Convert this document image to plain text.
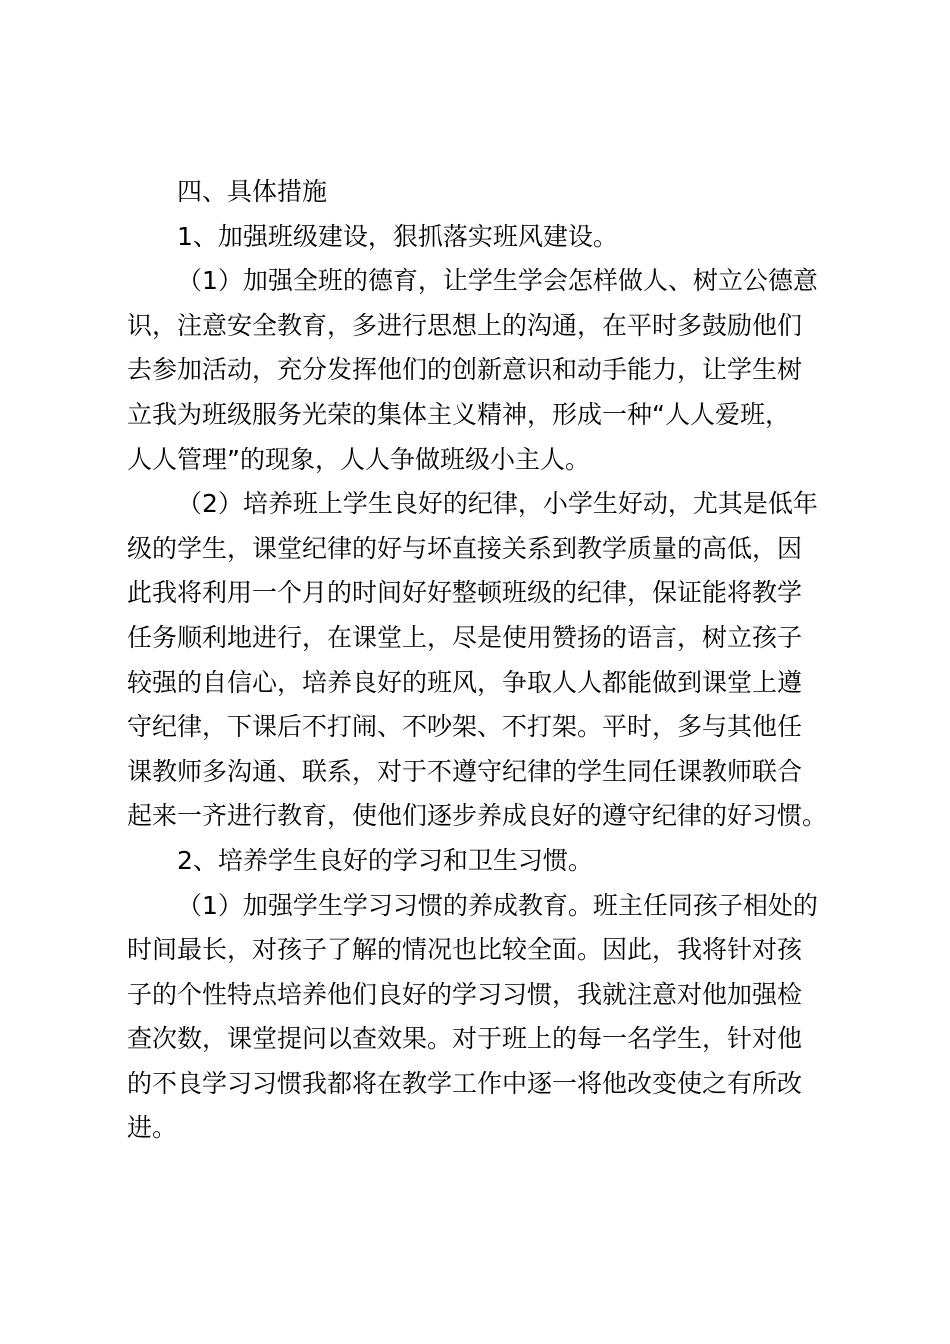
四、具体措施
1、加强班级建设，狠抓落实班风建设。
（1）加强全班的德育，让学生学会怎样做人、树立公德意
识，注意安全教育，多进行思想上的沟通，在平时多鼓励他们
去参加活动，充分发挥他们的创新意识和动手能力，让学生树
立我为班级服务光荣的集体主义精神，形成一种“人人爱班，
人人管理”的现象，人人争做班级小主人。
（2）培养班上学生良好的纪律，小学生好动，尤其是低年
级的学生，课堂纪律的好与坏直接关系到教学质量的高低，因
此我将利用一个月的时间好好整顿班级的纪律，保证能将教学
任务顺利地进行，在课堂上，尽是使用赞扬的语言，树立孩子
较强的自信心，培养良好的班风，争取人人都能做到课堂上遵
守纪律，下课后不打闹、不吵架、不打架。平时，多与其他任
课教师多沟通、联系，对于不遵守纪律的学生同任课教师联合
起来一齐进行教育，使他们逐步养成良好的遵守纪律的好习惯。
2、培养学生良好的学习和卫生习惯。
（1）加强学生学习习惯的养成教育。班主任同孩子相处的
时间最长，对孩子了解的情况也比较全面。因此，我将针对孩
子的个性特点培养他们良好的学习习惯，我就注意对他加强检
查次数，课堂提问以查效果。对于班上的每一名学生，针对他
的不良学习习惯我都将在教学工作中逐一将他改变使之有所改
进。
